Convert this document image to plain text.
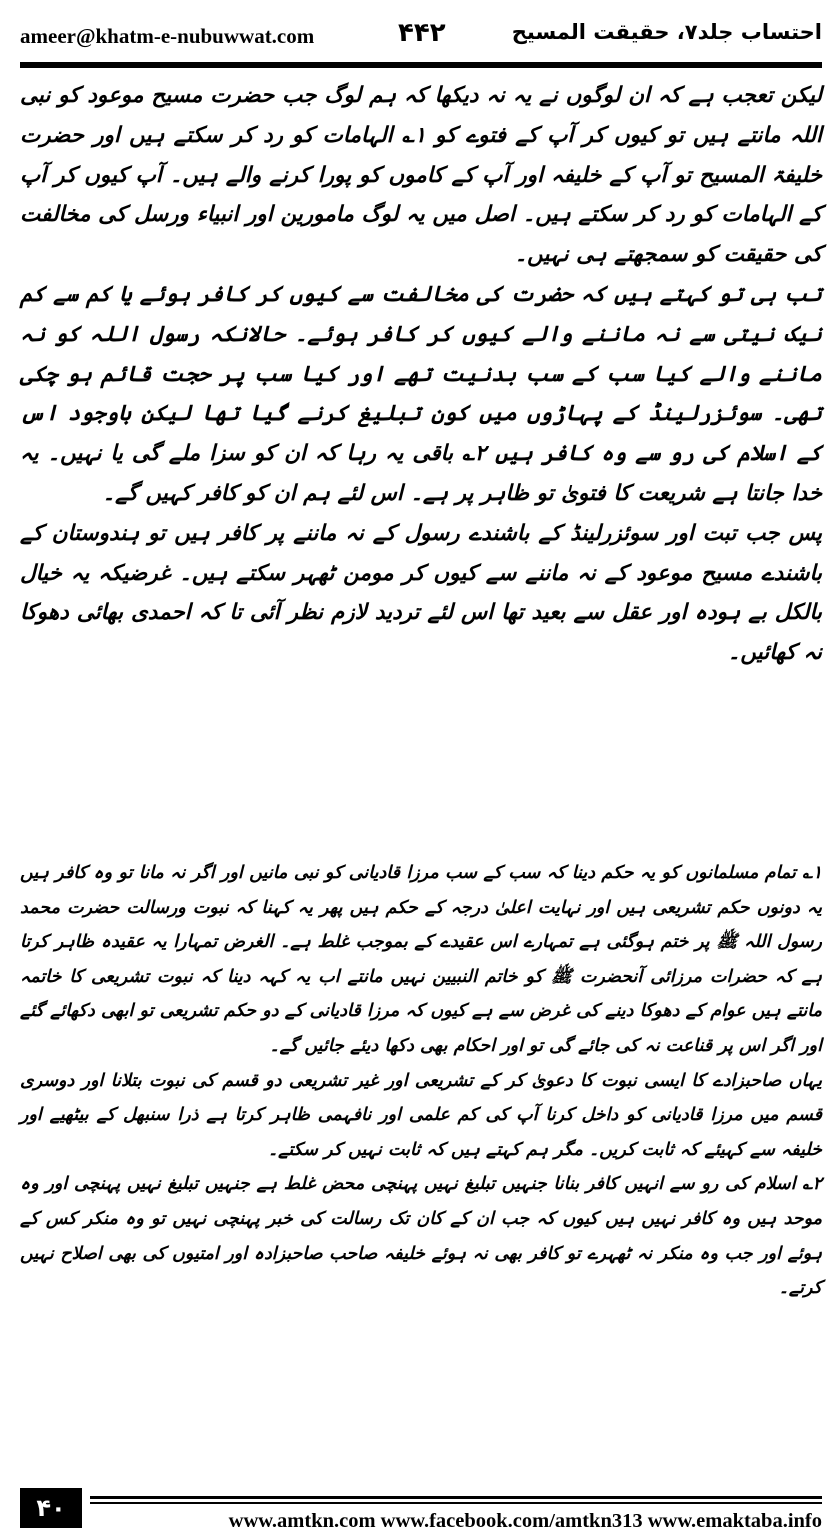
ameer@khatm-e-nubuwwat.com	۴۴۲	احتساب جلد۷، حقیقت المسیح

لیکن تعجب ہے کہ ان لوگوں نے یہ نہ دیکھا کہ ہم لوگ جب حضرت مسیح موعود کو نبی اللہ مانتے ہیں تو کیوں کر آپ کے فتوے کو ۱؎ الہامات کو رد کر سکتے ہیں اور حضرت خلیفۃ المسیح تو آپ کے خلیفہ اور آپ کے کاموں کو پورا کرنے والے ہیں۔ آپ کیوں کر آپ کے الہامات کو رد کر سکتے ہیں۔ اصل میں یہ لوگ مامورین اور انبیاء ورسل کی مخالفت کی حقیقت کو سمجھتے ہی نہیں۔

تب ہی تو کہتے ہیں کہ حضرت کی مخالفت سے کیوں کر کافر ہوئے یا کم سے کم نیک نیتی سے نہ ماننے والے کیوں کر کافر ہوئے۔ حالانکہ رسول اللہ کو نہ ماننے والے کیا سب کے سب بدنیت تھے اور کیا سب پر حجت قائم ہو چکی تھی۔ سوئزرلینڈ کے پہاڑوں میں کون تبلیغ کرنے گیا تھا لیکن باوجود اس کے اسلام کی رو سے وہ کافر ہیں ۲؎ باقی یہ رہا کہ ان کو سزا ملے گی یا نہیں۔ یہ خدا جانتا ہے شریعت کا فتویٰ تو ظاہر پر ہے۔ اس لئے ہم ان کو کافر کہیں گے۔

پس جب تبت اور سوئزرلینڈ کے باشندے رسول کے نہ ماننے پر کافر ہیں تو ہندوستان کے باشندے مسیح موعود کے نہ ماننے سے کیوں کر مومن ٹھہر سکتے ہیں۔ غرضیکہ یہ خیال بالکل بے ہودہ اور عقل سے بعید تھا اس لئے تردید لازم نظر آئی تا کہ احمدی بھائی دھوکا نہ کھائیں۔

۱؎ تمام مسلمانوں کو یہ حکم دینا کہ سب کے سب مرزا قادیانی کو نبی مانیں اور اگر نہ مانا تو وہ کافر ہیں یہ دونوں حکم تشریعی ہیں اور نہایت اعلیٰ درجہ کے حکم ہیں پھر یہ کہنا کہ نبوت ورسالت حضرت محمد رسول اللہ ﷺ پر ختم ہوگئی ہے تمہارے اس عقیدے کے بموجب غلط ہے۔ الغرض تمہارا یہ عقیدہ ظاہر کرتا ہے کہ حضرات مرزائی آنحضرت ﷺ کو خاتم النبیین نہیں مانتے اب یہ کہہ دینا کہ نبوت تشریعی کا خاتمہ مانتے ہیں عوام کے دھوکا دینے کی غرض سے ہے کیوں کہ مرزا قادیانی کے دو حکم تشریعی تو ابھی دکھائے گئے اور اگر اس پر قناعت نہ کی جائے گی تو اور احکام بھی دکھا دیئے جائیں گے۔

یہاں صاحبزادے کا ایسی نبوت کا دعویٰ کر کے تشریعی اور غیر تشریعی دو قسم کی نبوت بتلانا اور دوسری قسم میں مرزا قادیانی کو داخل کرنا آپ کی کم علمی اور نافہمی ظاہر کرتا ہے ذرا سنبھل کے بیٹھیے اور خلیفہ سے کہیئے کہ ثابت کریں۔ مگر ہم کہتے ہیں کہ ثابت نہیں کر سکتے۔

۲؎ اسلام کی رو سے انہیں کافر بنانا جنہیں تبلیغ نہیں پہنچی محض غلط ہے جنہیں تبلیغ نہیں پہنچی اور وہ موحد ہیں وہ کافر نہیں ہیں کیوں کہ جب ان کے کان تک رسالت کی خبر پہنچی نہیں تو وہ منکر کس کے ہوئے اور جب وہ منکر نہ ٹھہرے تو کافر بھی نہ ہوئے خلیفہ صاحب صاحبزادہ اور امتیوں کی بھی اصلاح نہیں کرتے۔

۴۰	www.amtkn.com www.facebook.com/amtkn313 www.emaktaba.info
